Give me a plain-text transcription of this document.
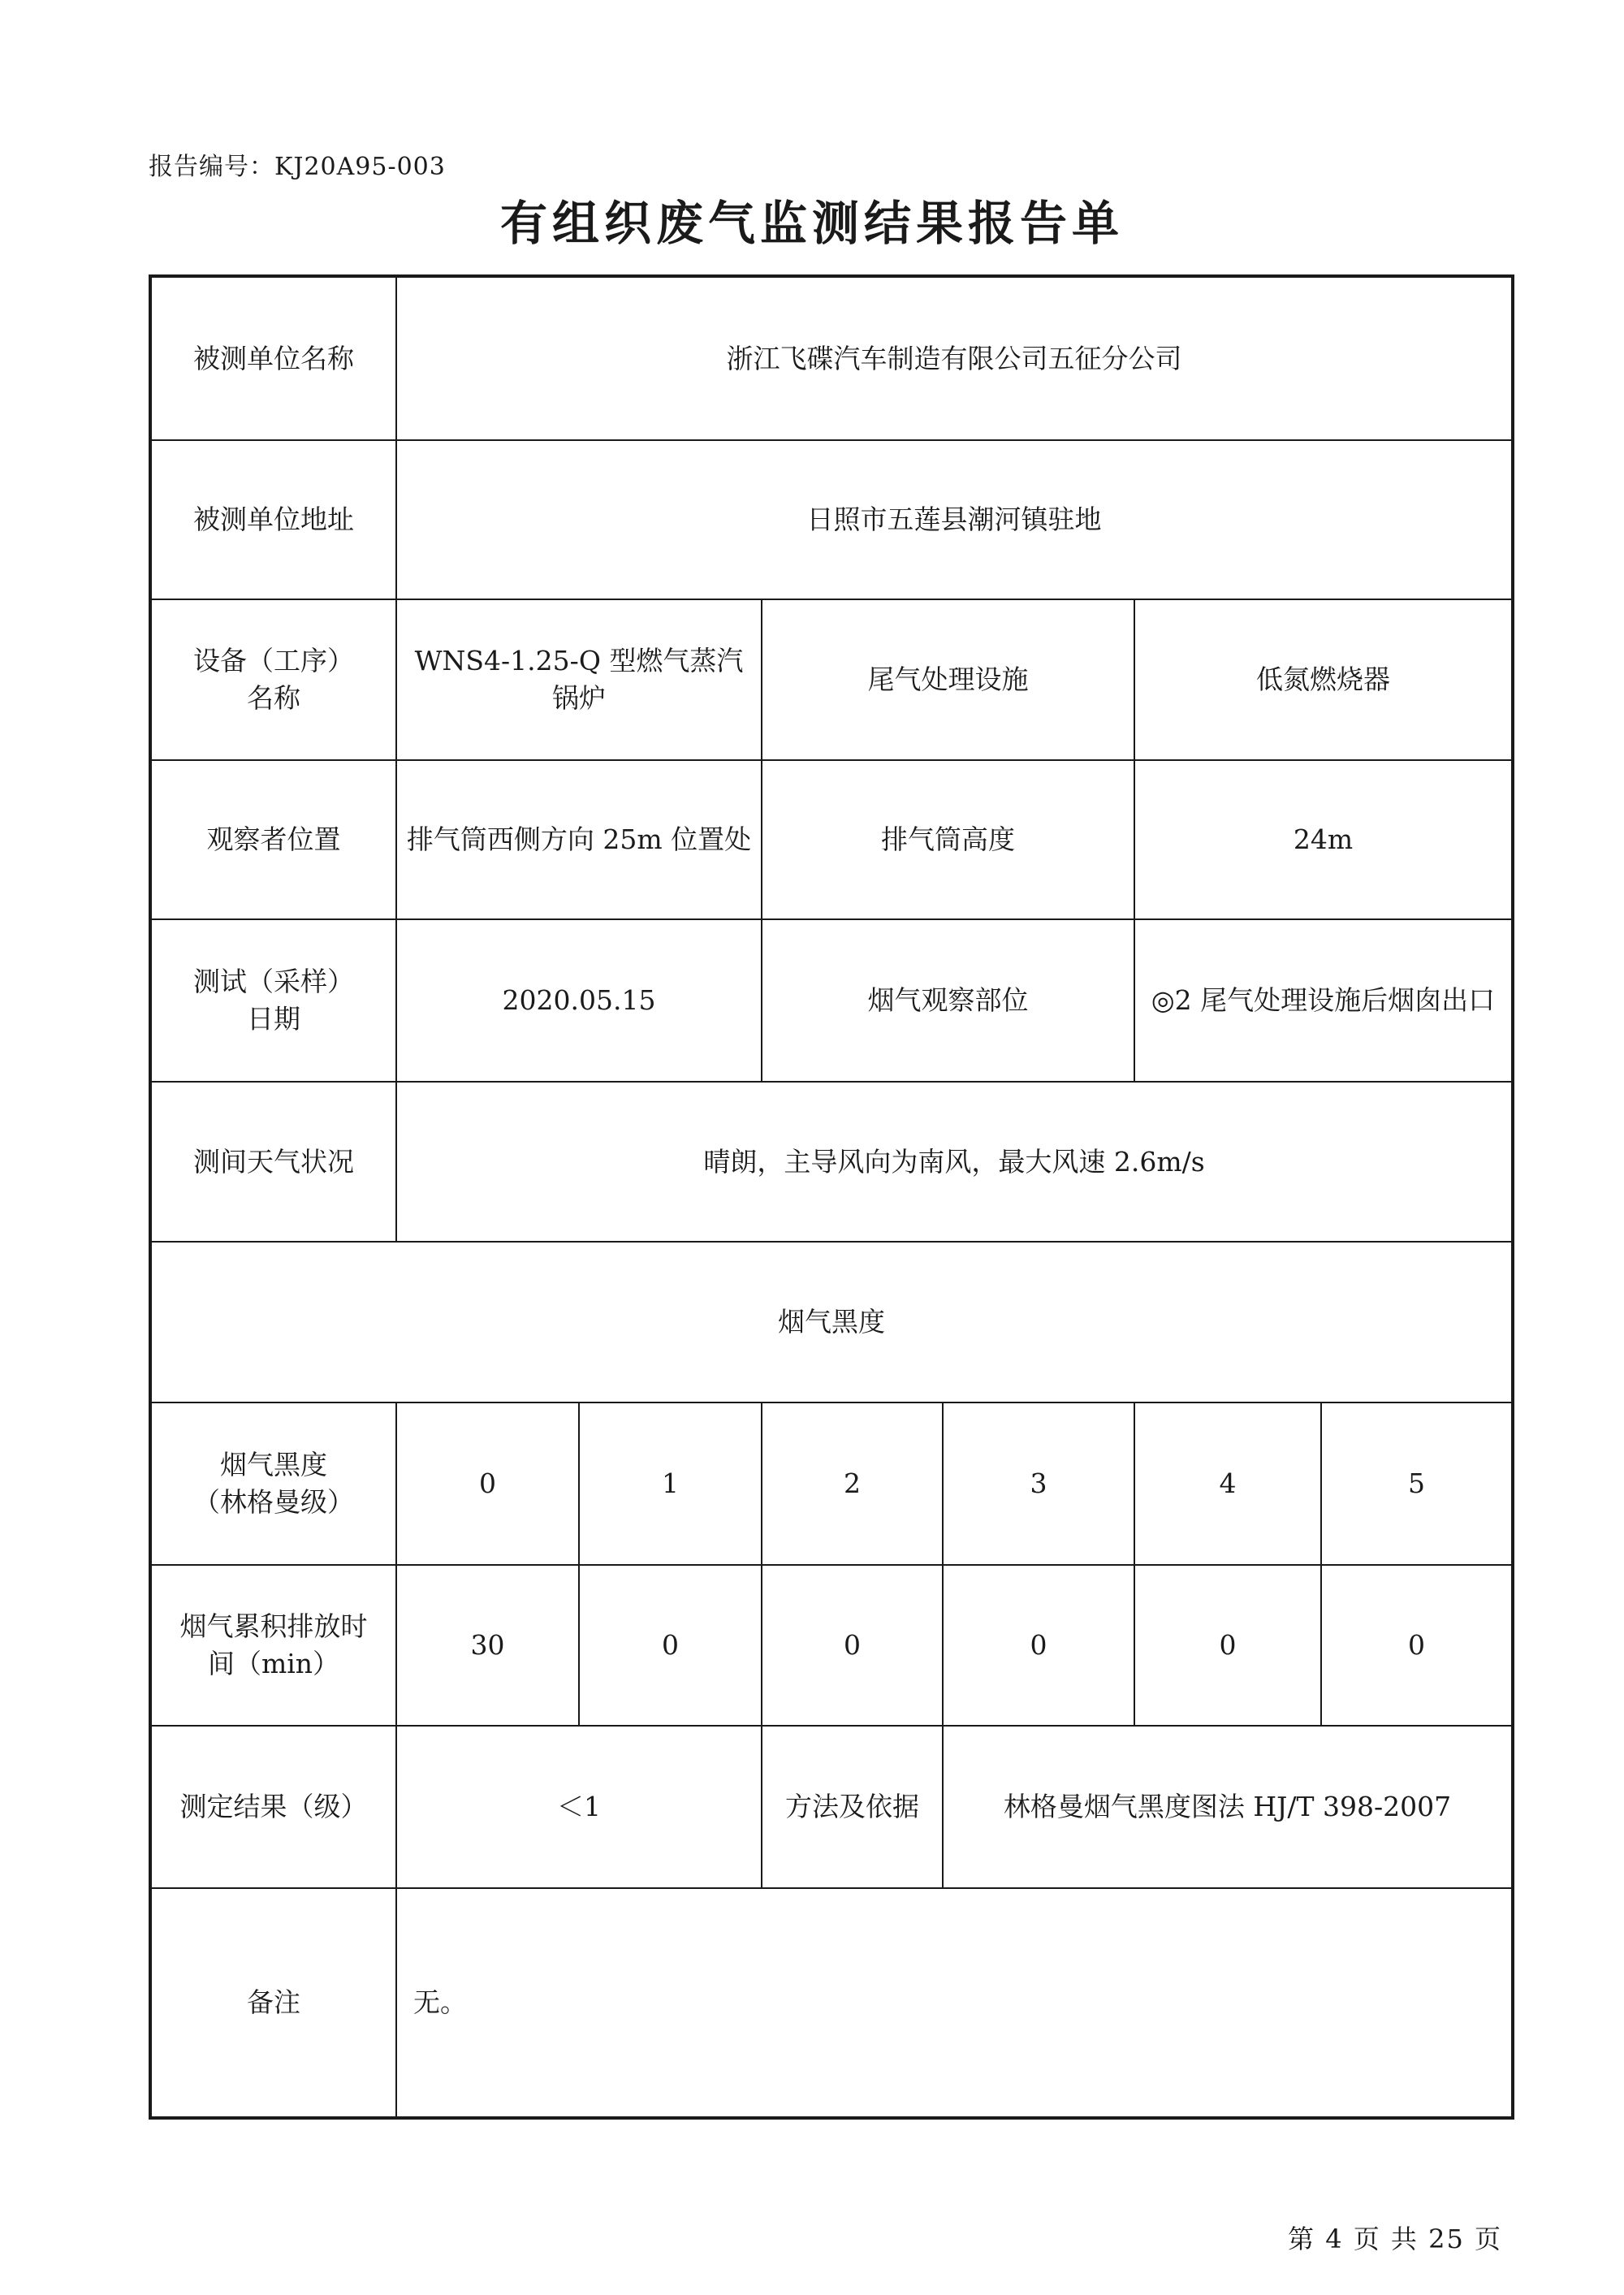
报告编号：KJ20A95-003
有组织废气监测结果报告单
被测单位名称	浙江飞碟汽车制造有限公司五征分公司					
被测单位地址	日照市五莲县潮河镇驻地					

设备（工序）
名称	WNS4-1.25-Q 型燃气蒸汽锅炉		尾气处理设施		低氮燃烧器	
观察者位置	排气筒西侧方向 25m 位置处		排气筒高度		24m	

测试（采样）
日期	2020.05.15		烟气观察部位		◎2 尾气处理设施后烟囱出口	
测间天气状况	晴朗，主导风向为南风，最大风速 2.6m/s					
烟气黑度						

烟气黑度
（林格曼级）	0	1	2	3	4	5

烟气累积排放时
间（min）	30	0	0	0	0	0
测定结果（级）	＜1		方法及依据	林格曼烟气黑度图法 HJ/T 398-2007		
备注	无。					
第 4 页 共 25 页
